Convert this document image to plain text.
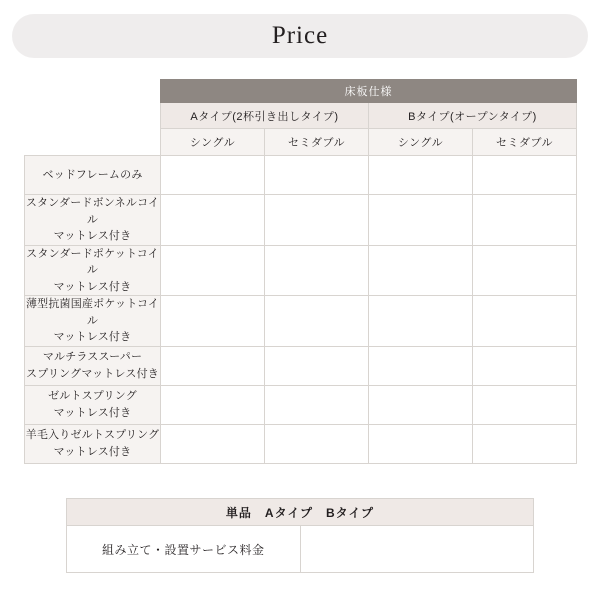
Price
	床板仕様			
	Aタイプ(2杯引き出しタイプ)		Bタイプ(オープンタイプ)	
	シングル	セミダブル	シングル	セミダブル
ベッドフレームのみ				

スタンダードボンネルコイル
マットレス付き				

スタンダードポケットコイル
マットレス付き				

薄型抗菌国産ポケットコイル
マットレス付き				

マルチラススーパー
スプリングマットレス付き				

ゼルトスプリング
マットレス付き				

羊毛入りゼルトスプリング
マットレス付き				

単品　Aタイプ　Bタイプ
組み立て・設置サービス料金	
